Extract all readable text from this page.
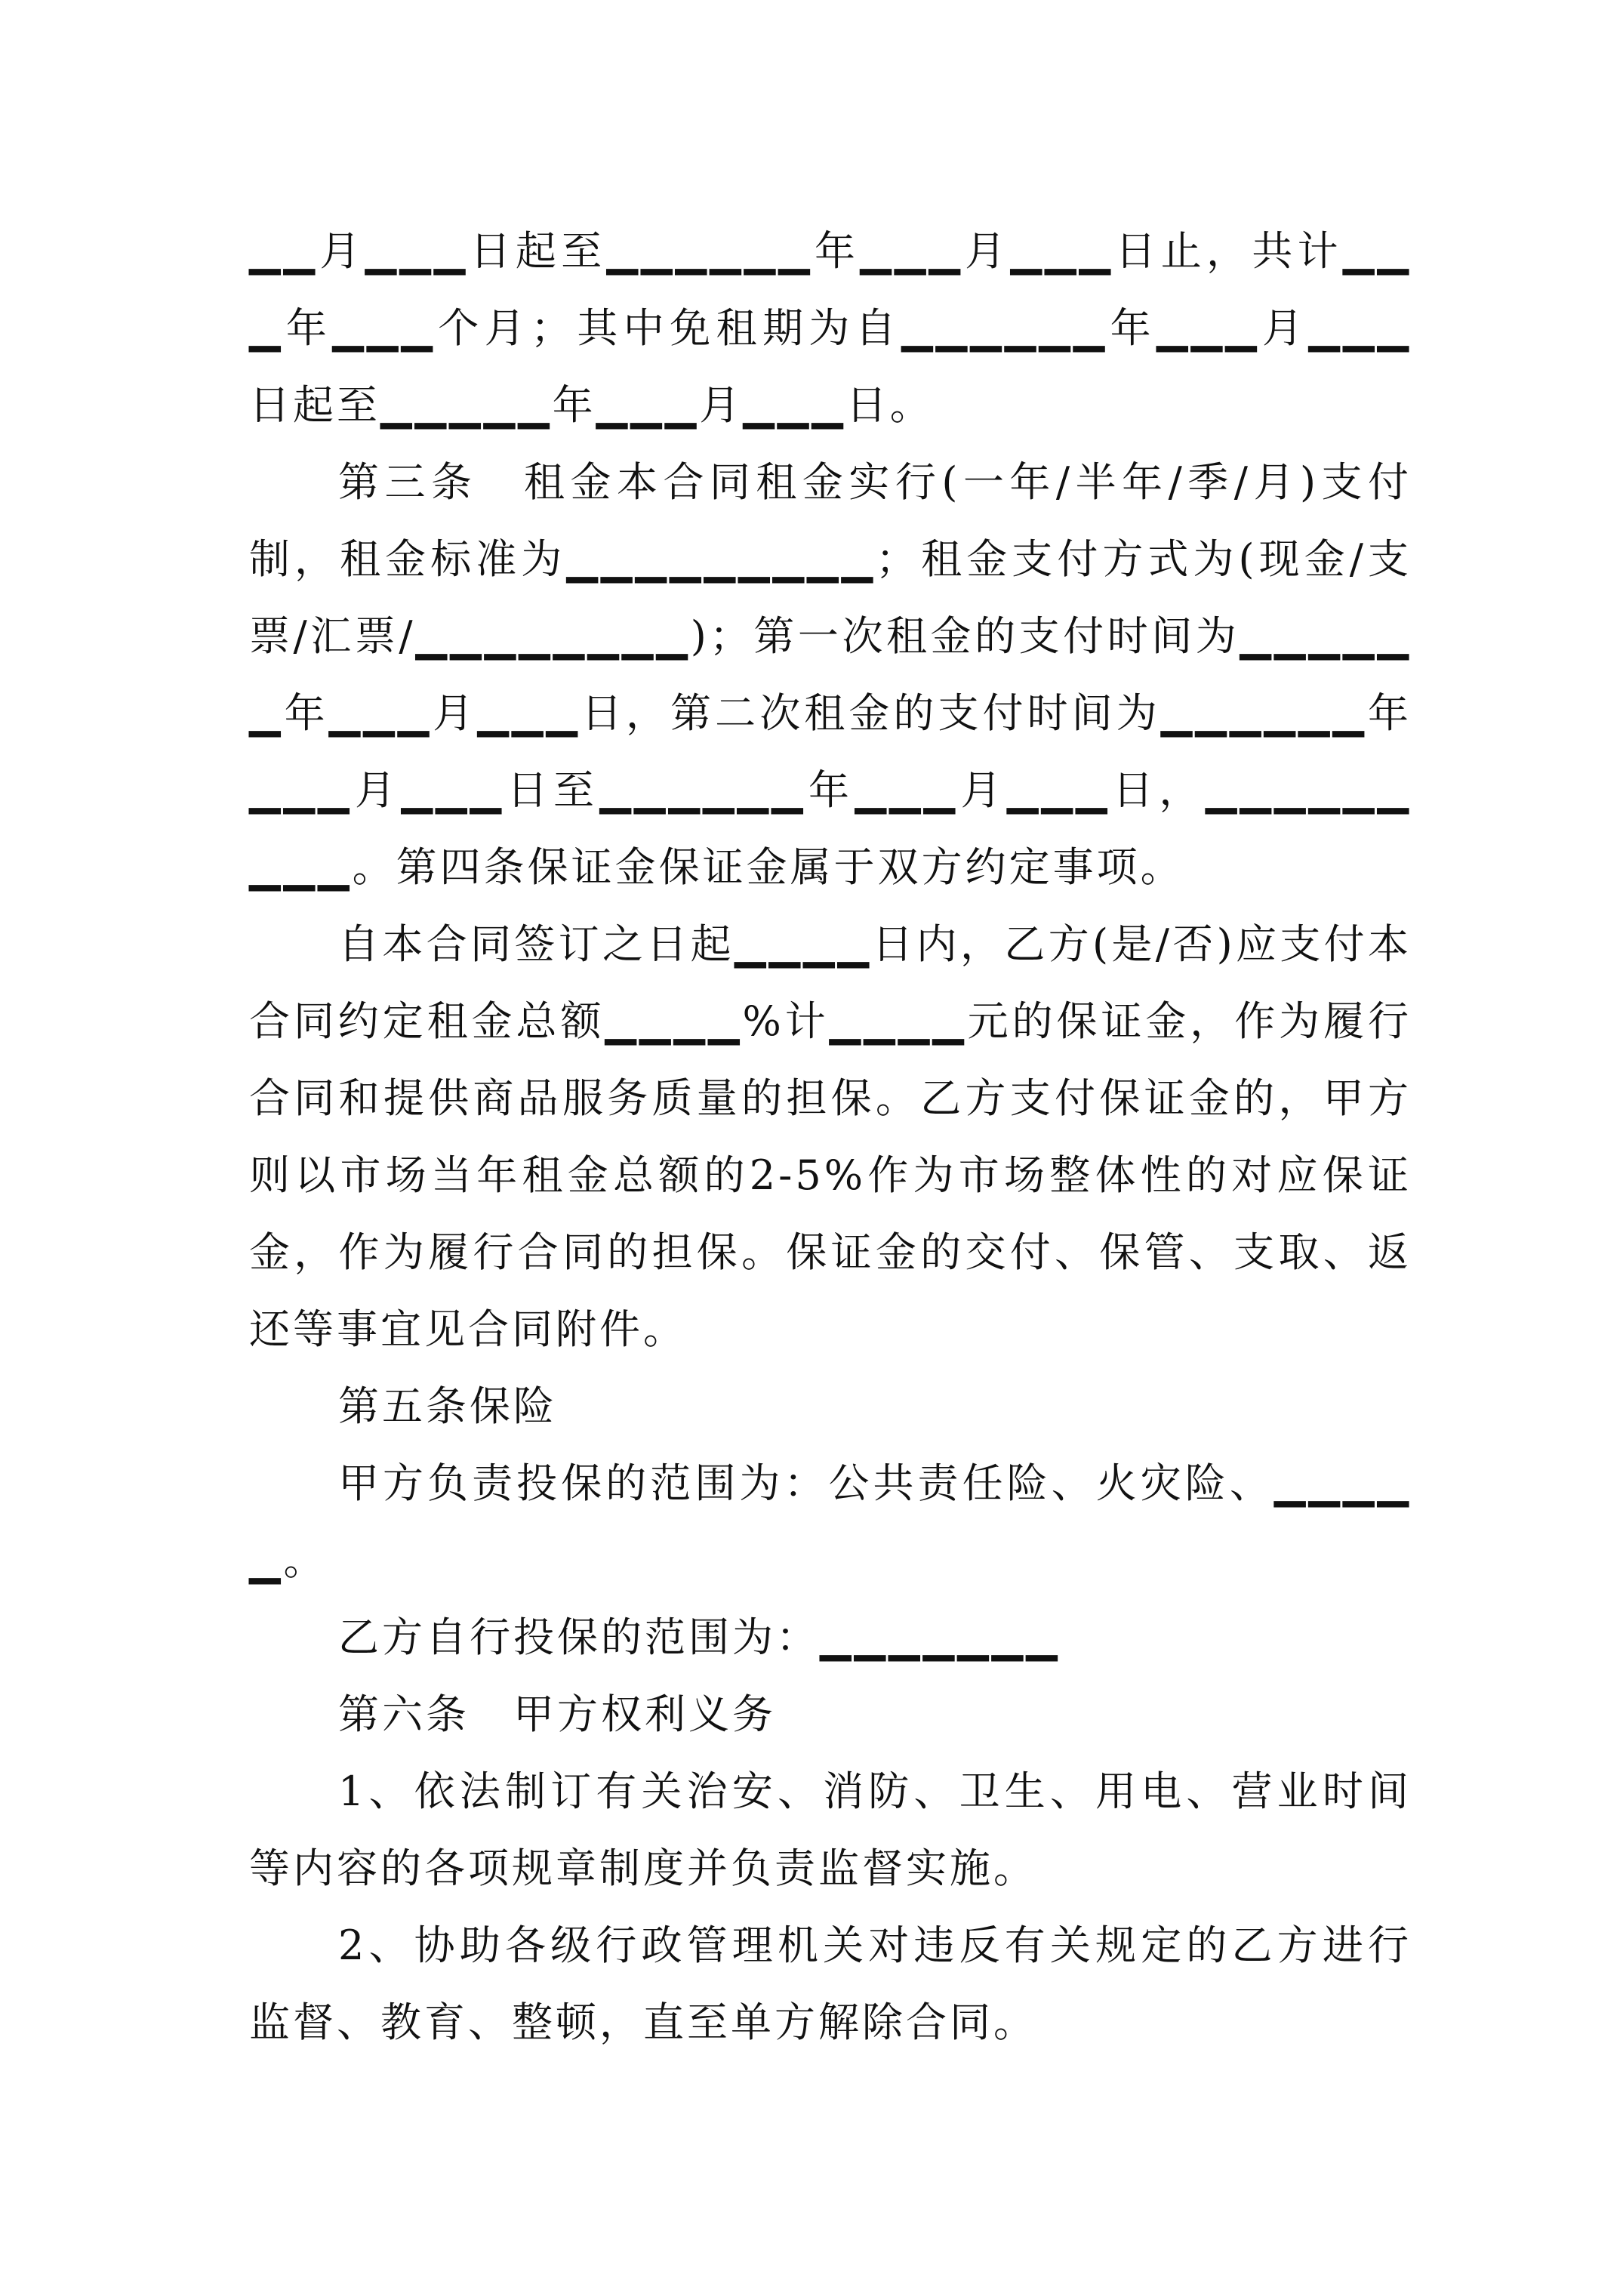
▁▁月▁▁▁日起至▁▁▁▁▁▁年▁▁▁月▁▁▁日止，共计▁▁▁年▁▁▁个月；其中免租期为自▁▁▁▁▁▁年▁▁▁月▁▁▁日起至▁▁▁▁▁年▁▁▁月▁▁▁日。

第三条　租金本合同租金实行(一年/半年/季/月)支付制，租金标准为▁▁▁▁▁▁▁▁▁；租金支付方式为(现金/支票/汇票/▁▁▁▁▁▁▁▁)；第一次租金的支付时间为▁▁▁▁▁▁年▁▁▁月▁▁▁日，第二次租金的支付时间为▁▁▁▁▁▁年▁▁▁月▁▁▁日至▁▁▁▁▁▁年▁▁▁月▁▁▁日，▁▁▁▁▁▁▁▁▁。第四条保证金保证金属于双方约定事项。

自本合同签订之日起▁▁▁▁日内，乙方(是/否)应支付本合同约定租金总额▁▁▁▁%计▁▁▁▁元的保证金，作为履行合同和提供商品服务质量的担保。乙方支付保证金的，甲方则以市场当年租金总额的2-5%作为市场整体性的对应保证金，作为履行合同的担保。保证金的交付、保管、支取、返还等事宜见合同附件。

第五条保险

甲方负责投保的范围为：公共责任险、火灾险、▁▁▁▁▁。

乙方自行投保的范围为：▁▁▁▁▁▁▁

第六条　甲方权利义务

1、依法制订有关治安、消防、卫生、用电、营业时间等内容的各项规章制度并负责监督实施。

2、协助各级行政管理机关对违反有关规定的乙方进行监督、教育、整顿，直至单方解除合同。
